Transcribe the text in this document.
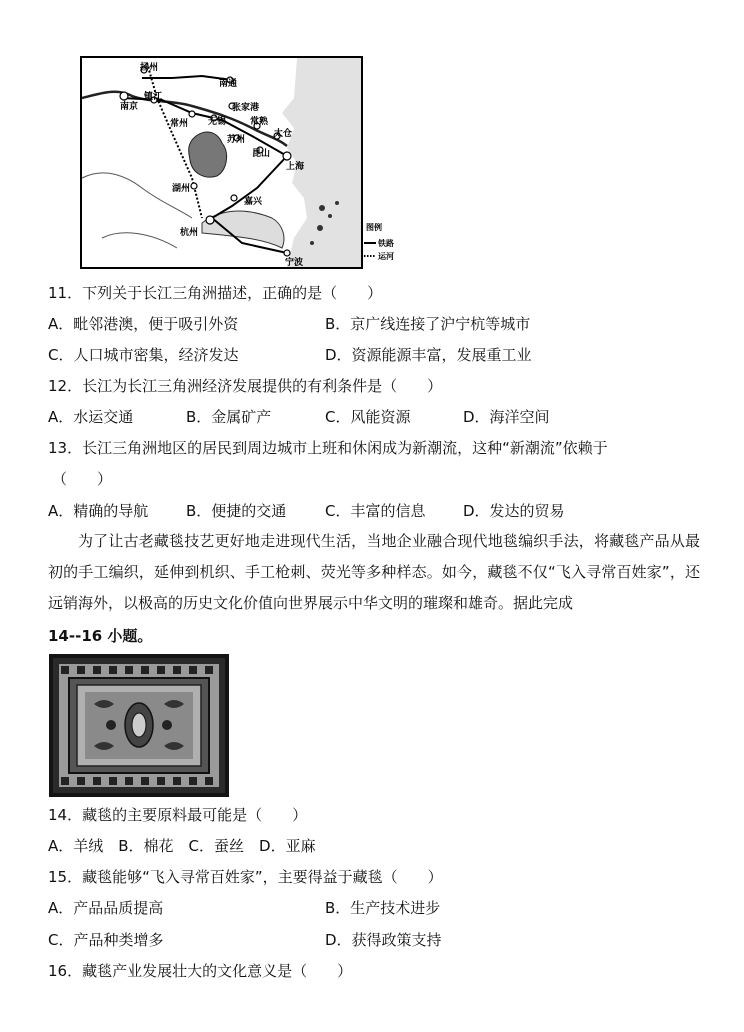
扬州
南通
南京
镇江
张家港
常州 无锡	常熟
苏州
太仓
昆山
上海
湖州
嘉兴
杭州
宁波
图例
铁路
运河
11．下列关于长江三角洲描述，正确的是（　　）
A．毗邻港澳，便于吸引外资	B．京广线连接了沪宁杭等城市
C．人口城市密集，经济发达	D．资源能源丰富，发展重工业
12．长江为长江三角洲经济发展提供的有利条件是（　　）
A．水运交通	B．金属矿产	C．风能资源	D．海洋空间
13．长江三角洲地区的居民到周边城市上班和休闲成为新潮流，这种“新潮流”依赖于
（　　）
A．精确的导航	B．便捷的交通	C．丰富的信息	D．发达的贸易
为了让古老藏毯技艺更好地走进现代生活，当地企业融合现代地毯编织手法，将藏毯产品从最初的手工编织，延伸到机织、手工枪刺、荧光等多种样态。如今，藏毯不仅“飞入寻常百姓家”，还远销海外，以极高的历史文化价值向世界展示中华文明的璀璨和雄奇。据此完成
14--16 小题。
14．藏毯的主要原料最可能是（　　）
A．羊绒　B．棉花　C．蚕丝　D．亚麻
15．藏毯能够“飞入寻常百姓家”，主要得益于藏毯（　　）
A．产品品质提高	B．生产技术进步
C．产品种类增多	D．获得政策支持
16．藏毯产业发展壮大的文化意义是（　　）
